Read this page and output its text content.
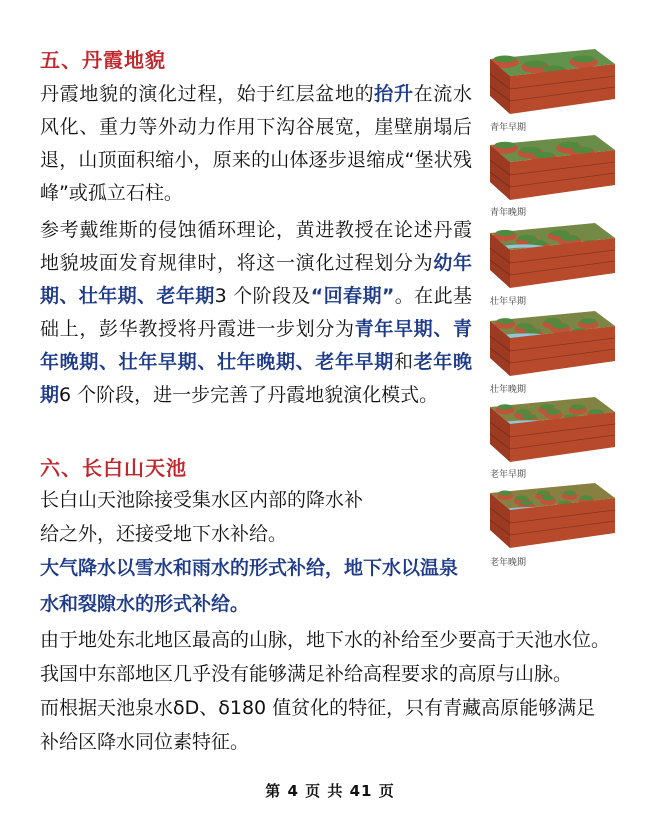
五、丹霞地貌
丹霞地貌的演化过程，始于红层盆地的抬升在流水风化、重力等外动力作用下沟谷展宽，崖壁崩塌后退，山顶面积缩小，原来的山体逐步退缩成“堡状残峰”或孤立石柱。
参考戴维斯的侵蚀循环理论，黄进教授在论述丹霞地貌坡面发育规律时，将这一演化过程划分为幼年期、壮年期、老年期3 个阶段及“回春期”。在此基础上，彭华教授将丹霞进一步划分为青年早期、青年晚期、壮年早期、壮年晚期、老年早期和老年晚期6 个阶段，进一步完善了丹霞地貌演化模式。
六、长白山天池
长白山天池除接受集水区内部的降水补
给之外，还接受地下水补给。
大气降水以雪水和雨水的形式补给，地下水以温泉
水和裂隙水的形式补给。
由于地处东北地区最高的山脉，地下水的补给至少要高于天池水位。
我国中东部地区几乎没有能够满足补给高程要求的高原与山脉。
而根据天池泉水δD、δ180 值贫化的特征，只有青藏高原能够满足
补给区降水同位素特征。
青年早期
青年晚期
壮年早期
壮年晚期
老年早期
老年晚期
第 4 页 共 41 页
